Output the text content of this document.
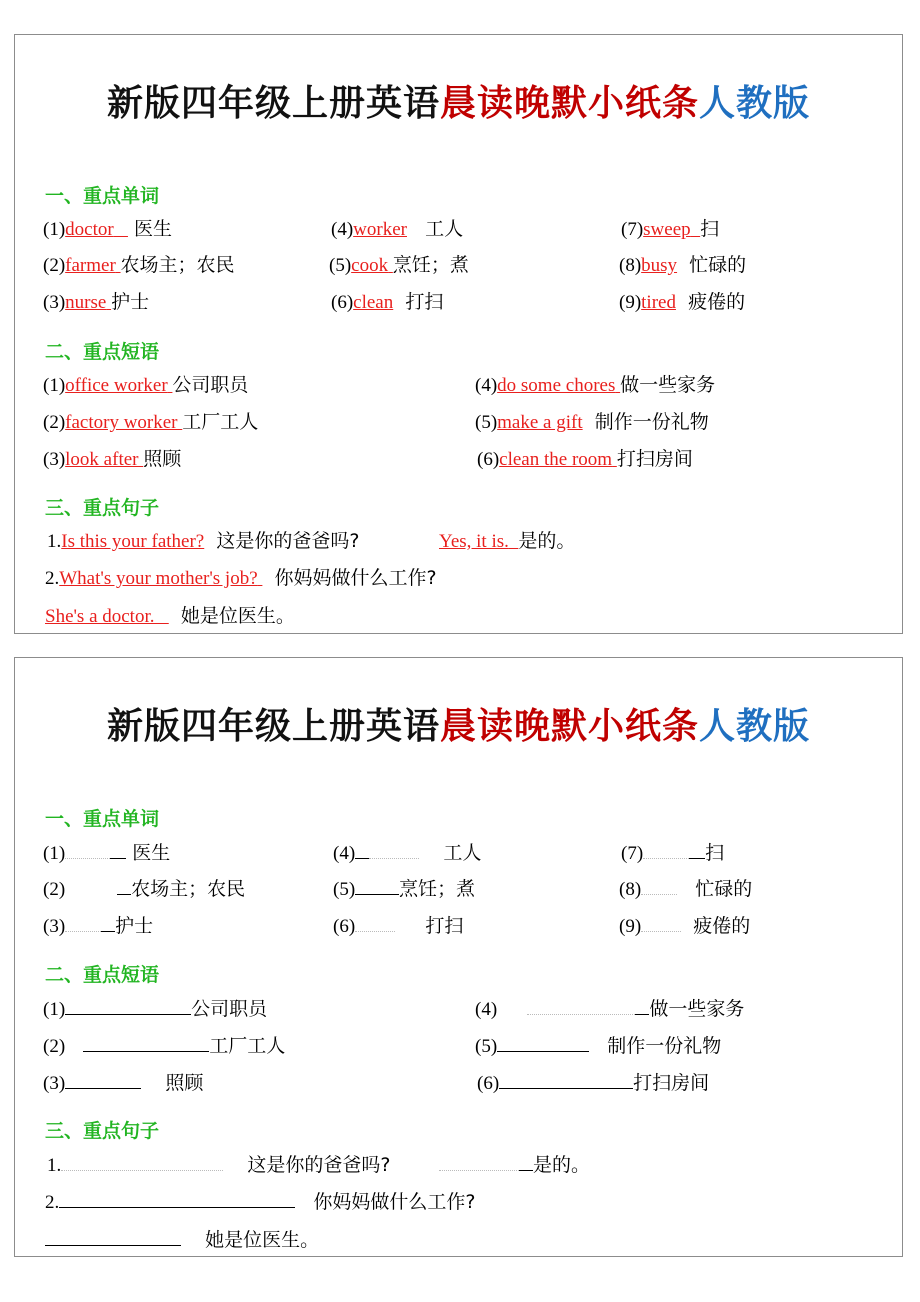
新版四年级上册英语晨读晚默小纸条人教版
一、重点单词
(1)doctor 医生	(4)worker 工人	(7)sweep 扫
(2)farmer 农场主；农民	(5)cook 烹饪；煮	(8)busy 忙碌的
(3)nurse 护士	(6)clean 打扫	(9)tired 疲倦的
二、重点短语
(1)office worker 公司职员	(4)do some chores 做一些家务
(2)factory worker 工厂工人	(5)make a gift 制作一份礼物
(3)look after 照顾	(6)clean the room 打扫房间
三、重点句子
1.Is this your father? 这是你的爸爸吗?	Yes, it is. 是的。
2.What's your mother's job? 你妈妈做什么工作?
She's a doctor. 她是位医生。
新版四年级上册英语晨读晚默小纸条人教版
一、重点单词
(1)	医生	(4)	工人	(7)	扫
(2)	农场主；农民	(5) 烹饪；煮	(8)	忙碌的
(3)	护士	(6)	打扫	(9)	疲倦的
二、重点短语
(1)	公司职员	(4)	做一些家务
(2)	工厂工人	(5)	制作一份礼物
(3)	照顾	(6)	打扫房间
三、重点句子
1.	这是你的爸爸吗?	是的。
2.	你妈妈做什么工作?
她是位医生。
